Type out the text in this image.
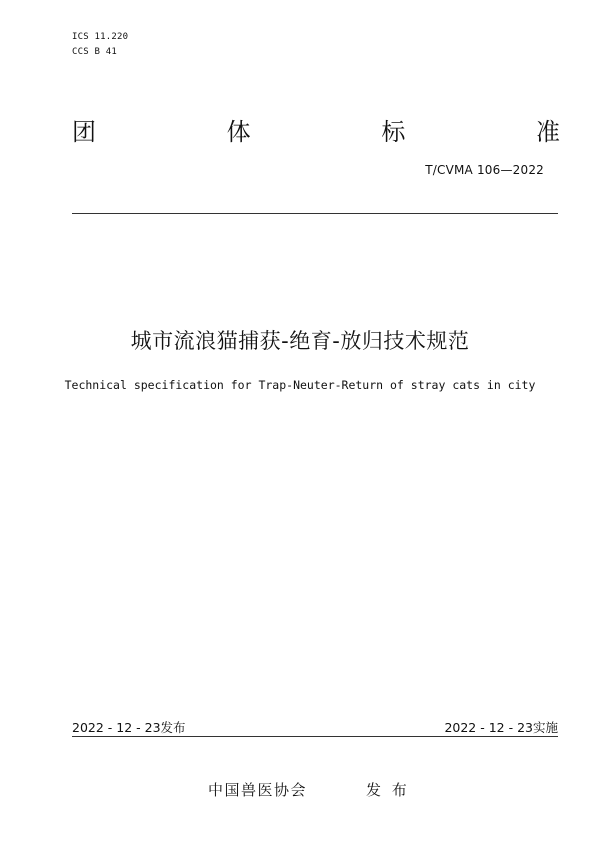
ICS 11.220
CCS B 41
团	体	标	准
T/CVMA 106—2022
城市流浪猫捕获-绝育-放归技术规范
Technical specification for Trap-Neuter-Return of stray cats in city
2022 - 12 - 23发布	2022 - 12 - 23实施
中国兽医协会	发 布
